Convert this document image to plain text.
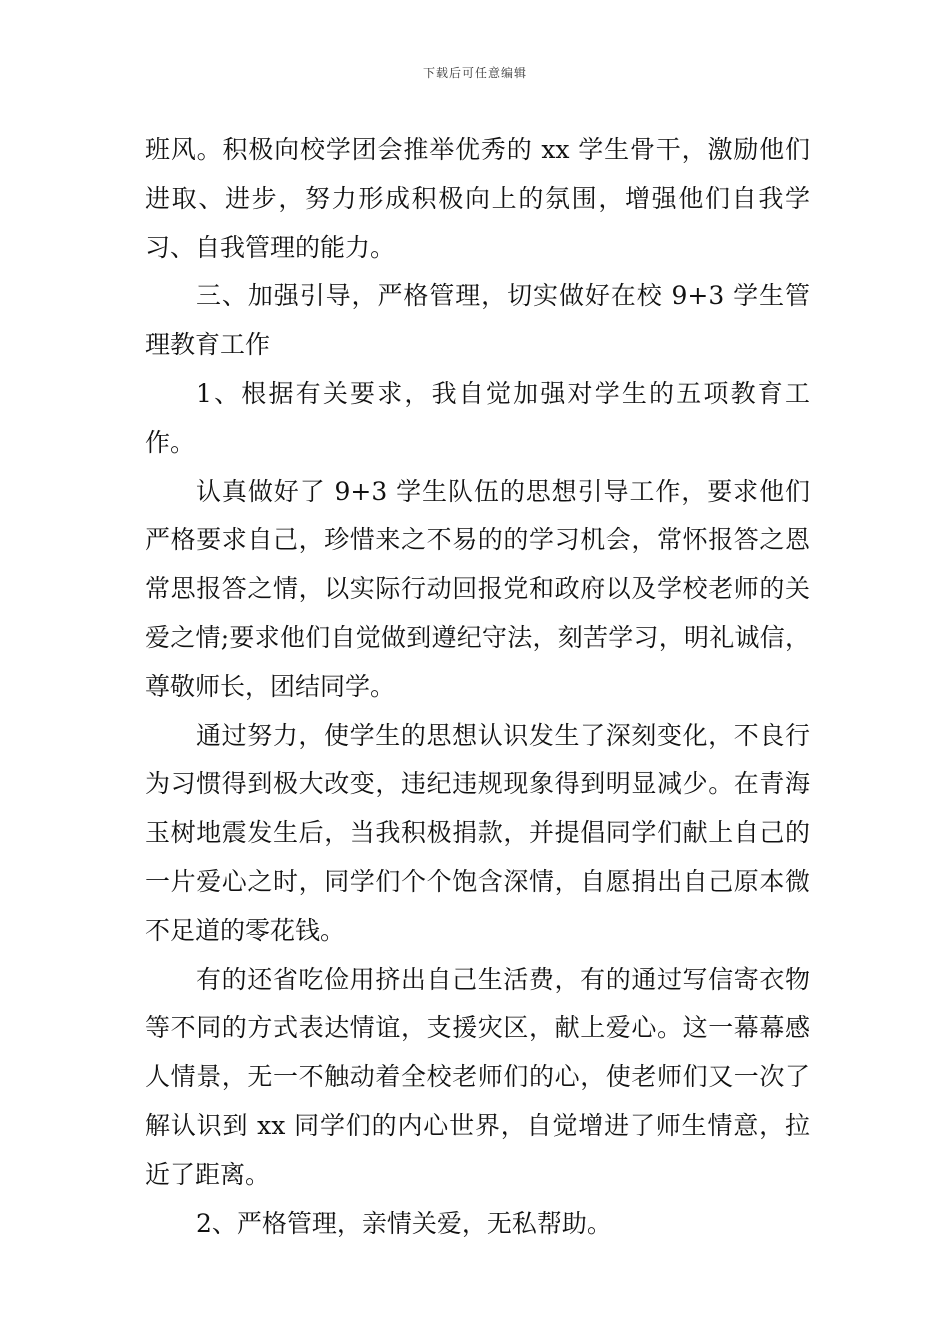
下载后可任意编辑

班风。积极向校学团会推举优秀的 xx 学生骨干，激励他们进取、进步，努力形成积极向上的氛围，增强他们自我学习、自我管理的能力。

三、加强引导，严格管理，切实做好在校 9+3 学生管理教育工作

1、根据有关要求，我自觉加强对学生的五项教育工作。

认真做好了 9+3 学生队伍的思想引导工作，要求他们严格要求自己，珍惜来之不易的的学习机会，常怀报答之恩常思报答之情，以实际行动回报党和政府以及学校老师的关爱之情;要求他们自觉做到遵纪守法，刻苦学习，明礼诚信，尊敬师长，团结同学。

通过努力，使学生的思想认识发生了深刻变化，不良行为习惯得到极大改变，违纪违规现象得到明显减少。在青海玉树地震发生后，当我积极捐款，并提倡同学们献上自己的一片爱心之时，同学们个个饱含深情，自愿捐出自己原本微不足道的零花钱。

有的还省吃俭用挤出自己生活费，有的通过写信寄衣物等不同的方式表达情谊，支援灾区，献上爱心。这一幕幕感人情景，无一不触动着全校老师们的心，使老师们又一次了解认识到 xx 同学们的内心世界，自觉增进了师生情意，拉近了距离。

2、严格管理，亲情关爱，无私帮助。
